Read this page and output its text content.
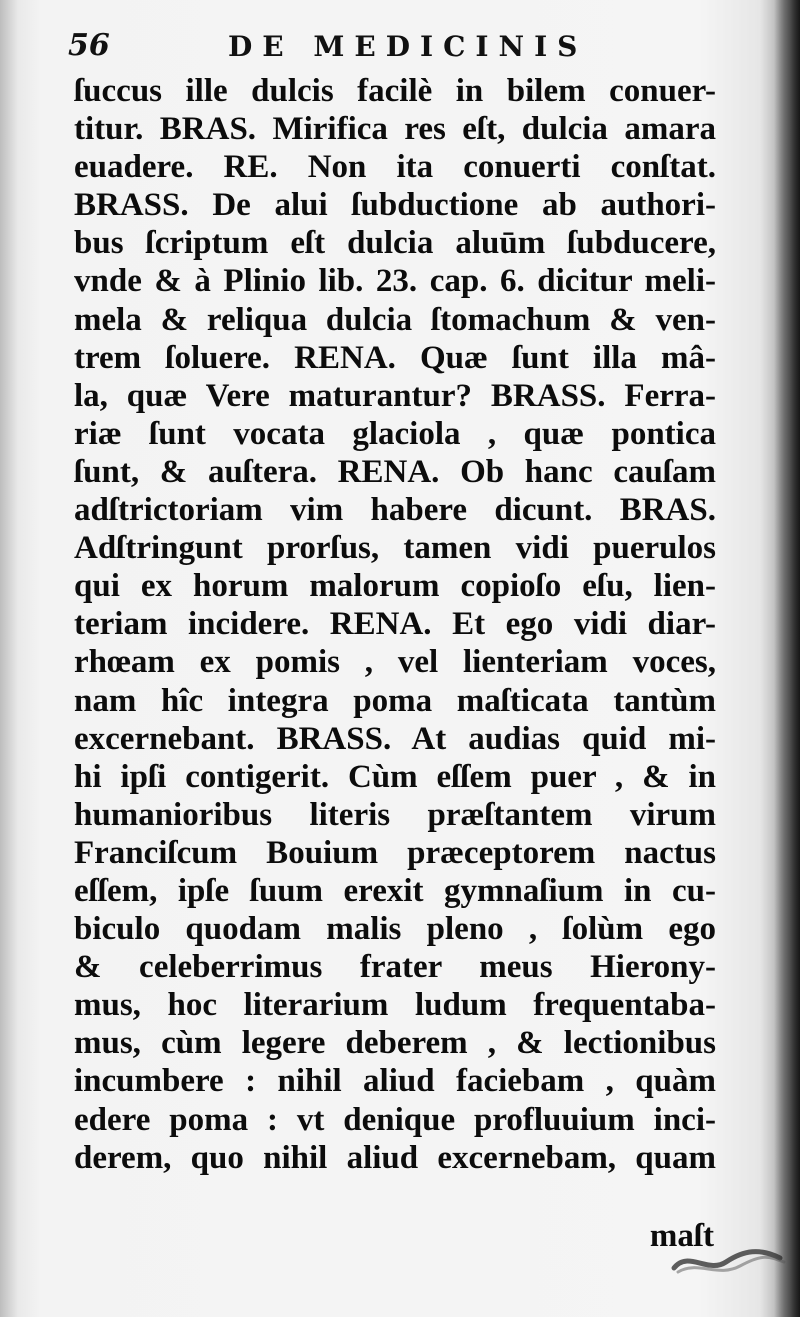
56	DE MEDICINIS
ſuccus ille dulcis facilè in bilem conuer-
titur. BRAS. Mirifica res eſt, dulcia amara
euadere. RE. Non ita conuerti conſtat.
BRASS. De alui ſubductione ab authori-
bus ſcriptum eſt dulcia aluūm ſubducere,
vnde & à Plinio lib. 23. cap. 6. dicitur meli-
mela & reliqua dulcia ſtomachum & ven-
trem ſoluere. RENA. Quæ ſunt illa mâ-
la, quæ Vere maturantur? BRASS. Ferra-
riæ ſunt vocata glaciola , quæ pontica
ſunt, & auſtera. RENA. Ob hanc cauſam
adſtrictoriam vim habere dicunt. BRAS.
Adſtringunt prorſus, tamen vidi puerulos
qui ex horum malorum copioſo eſu, lien-
teriam incidere. RENA. Et ego vidi diar-
rhœam ex pomis , vel lienteriam voces,
nam hîc integra poma maſticata tantùm
excernebant. BRASS. At audias quid mi-
hi ipſi contigerit. Cùm eſſem puer , & in
humanioribus literis præſtantem virum
Franciſcum Bouium præceptorem nactus
eſſem, ipſe ſuum erexit gymnaſium in cu-
biculo quodam malis pleno , ſolùm ego
& celeberrimus frater meus Hierony-
mus, hoc literarium ludum frequentaba-
mus, cùm legere deberem , & lectionibus
incumbere : nihil aliud faciebam , quàm
edere poma : vt denique profluuium inci-
derem, quo nihil aliud excernebam, quam
maſt
